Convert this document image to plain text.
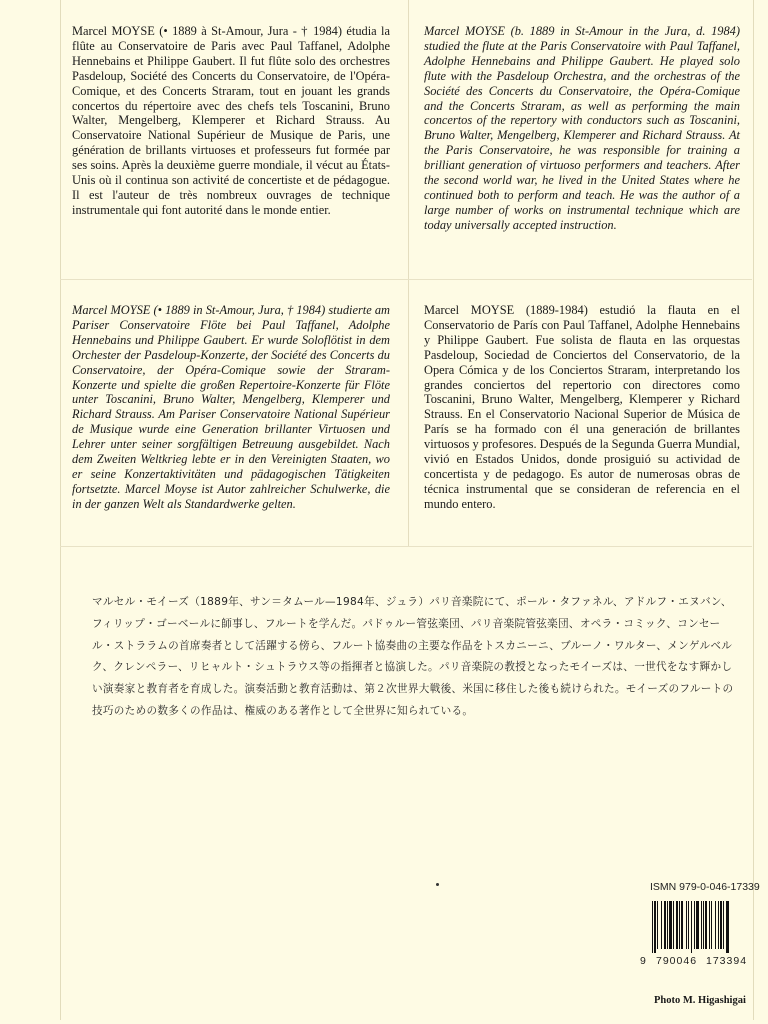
Marcel MOYSE (• 1889 à St-Amour, Jura - † 1984) étudia la flûte au Conservatoire de Paris avec Paul Taffanel, Adolphe Hennebains et Philippe Gaubert. Il fut flûte solo des orchestres Pasdeloup, Société des Concerts du Conservatoire, de l'Opéra-Comique, et des Concerts Straram, tout en jouant les grands concertos du répertoire avec des chefs tels Toscanini, Bruno Walter, Mengelberg, Klemperer et Richard Strauss. Au Conservatoire National Supérieur de Musique de Paris, une génération de brillants virtuoses et professeurs fut formée par ses soins. Après la deuxième guerre mondiale, il vécut au États-Unis où il continua son activité de concertiste et de pédagogue. Il est l'auteur de très nombreux ouvrages de technique instrumentale qui font autorité dans le monde entier.

Marcel MOYSE (b. 1889 in St-Amour in the Jura, d. 1984) studied the flute at the Paris Conservatoire with Paul Taffanel, Adolphe Hennebains and Philippe Gaubert. He played solo flute with the Pasdeloup Orchestra, and the orchestras of the Société des Concerts du Conservatoire, the Opéra-Comique and the Concerts Straram, as well as performing the main concertos of the repertory with conductors such as Toscanini, Bruno Walter, Mengelberg, Klemperer and Richard Strauss. At the Paris Conservatoire, he was responsible for training a brilliant generation of virtuoso performers and teachers. After the second world war, he lived in the United States where he continued both to perform and teach. He was the author of a large number of works on instrumental technique which are today universally accepted instruction.

Marcel MOYSE (• 1889 in St-Amour, Jura, † 1984) studierte am Pariser Conservatoire Flöte bei Paul Taffanel, Adolphe Hennebains und Philippe Gaubert. Er wurde Soloflötist in dem Orchester der Pasdeloup-Konzerte, der Société des Concerts du Conservatoire, der Opéra-Comique sowie der Straram-Konzerte und spielte die großen Repertoire-Konzerte für Flöte unter Toscanini, Bruno Walter, Mengelberg, Klemperer und Richard Strauss. Am Pariser Conservatoire National Supérieur de Musique wurde eine Generation brillanter Virtuosen und Lehrer unter seiner sorgfältigen Betreuung ausgebildet. Nach dem Zweiten Weltkrieg lebte er in den Vereinigten Staaten, wo er seine Konzertaktivitäten und pädagogischen Tätigkeiten fortsetzte. Marcel Moyse ist Autor zahlreicher Schulwerke, die in der ganzen Welt als Standardwerke gelten.

Marcel MOYSE (1889-1984) estudió la flauta en el Conservatorio de París con Paul Taffanel, Adolphe Hennebains y Philippe Gaubert. Fue solista de flauta en las orquestas Pasdeloup, Sociedad de Conciertos del Conservatorio, de la Opera Cómica y de los Conciertos Straram, interpretando los grandes conciertos del repertorio con directores como Toscanini, Bruno Walter, Mengelberg, Klemperer y Richard Strauss. En el Conservatorio Nacional Superior de Música de París se ha formado con él una generación de brillantes virtuosos y profesores. Después de la Segunda Guerra Mundial, vivió en Estados Unidos, donde prosiguió su actividad de concertista y de pedagogo. Es autor de numerosas obras de técnica instrumental que se consideran de referencia en el mundo entero.

マルセル・モイーズ（1889年、サン＝タムール—1984年、ジュラ）パリ音楽院にて、ポール・タファネル、アドルフ・エヌバン、フィリップ・ゴーベールに師事し、フルートを学んだ。パドゥルー管弦楽団、パリ音楽院管弦楽団、オペラ・コミック、コンセール・ストララムの首席奏者として活躍する傍ら、フルート協奏曲の主要な作品をトスカニーニ、ブルーノ・ワルター、メンゲルベルク、クレンペラー、リヒャルト・シュトラウス等の指揮者と協演した。パリ音楽院の教授となったモイーズは、一世代をなす輝かしい演奏家と教育者を育成した。演奏活動と教育活動は、第２次世界大戦後、米国に移住した後も続けられた。モイーズのフルートの技巧のための数多くの作品は、権威のある著作として全世界に知られている。

ISMN 979-0-046-17339
9 790046 173394
Photo M. Higashigai
